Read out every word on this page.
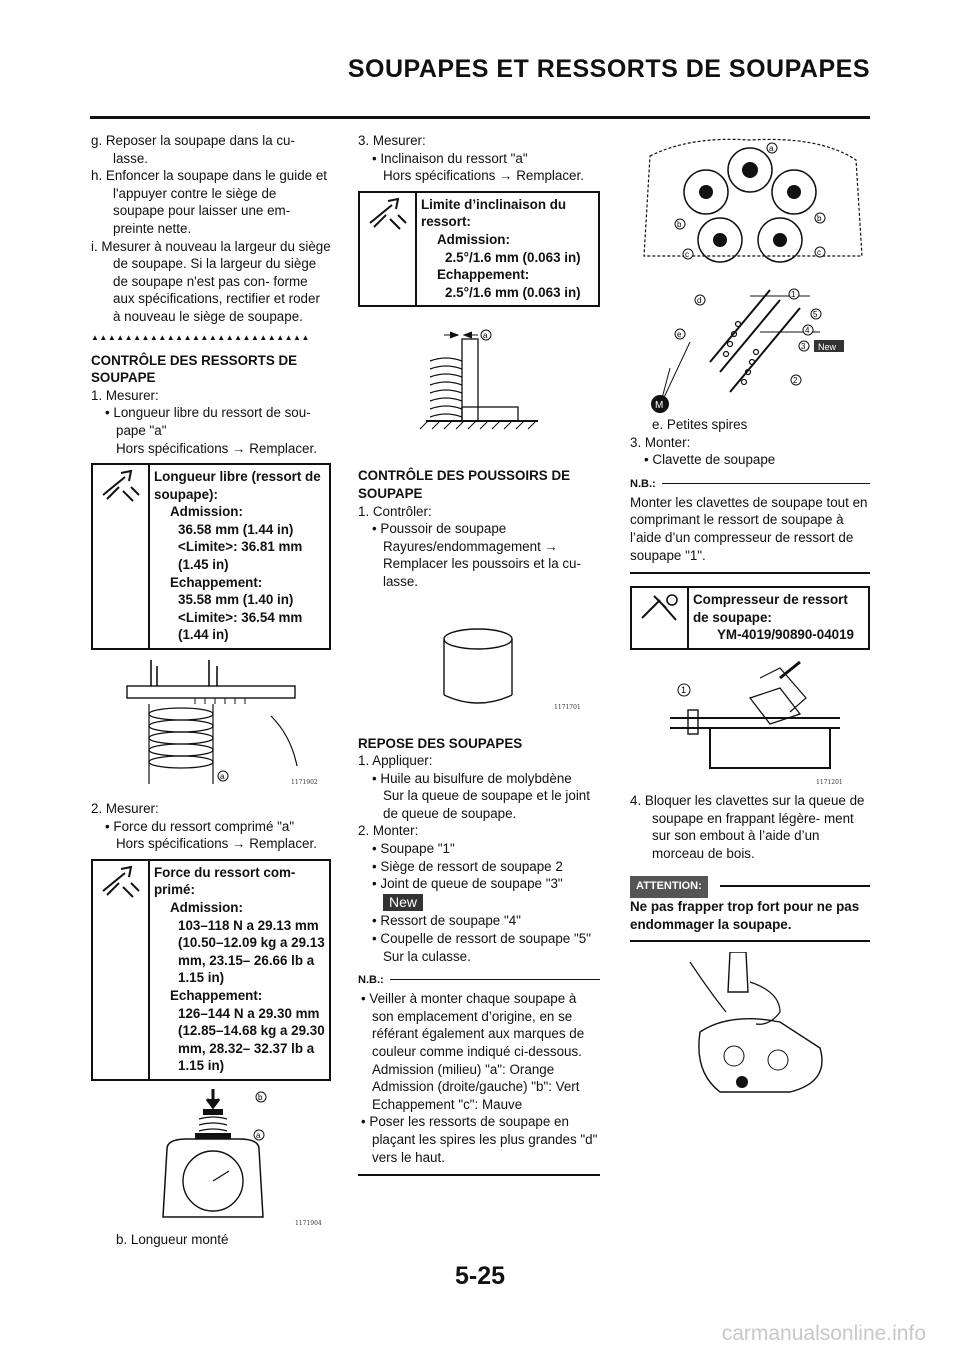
SOUPAPES ET RESSORTS DE SOUPAPES

g. Reposer la soupape dans la cu- lasse.

h. Enfoncer la soupape dans le guide et l'appuyer contre le siège de soupape pour laisser une em- preinte nette.

i. Mesurer à nouveau la largeur du siège de soupape. Si la largeur du siège de soupape n'est pas con- forme aux spécifications, rectifier et roder à nouveau le siège de soupape.

▲▲▲▲▲▲▲▲▲▲▲▲▲▲▲▲▲▲▲▲▲▲▲▲▲▲
CONTRÔLE DES RESSORTS DE SOUPAPE

1. Mesurer:

• Longueur libre du ressort de sou- pape "a"

Hors spécifications → Remplacer.

Longueur libre (ressort de soupape):
Admission:
36.58 mm (1.44 in)
<Limite>: 36.81 mm (1.45 in)
Echappement:
35.58 mm (1.40 in)
<Limite>: 36.54 mm (1.44 in)
a
1171902

2. Mesurer:

• Force du ressort comprimé "a"

Hors spécifications → Remplacer.

Force du ressort com- primé:
Admission:
103–118 N a 29.13 mm (10.50–12.09 kg a 29.13 mm, 23.15– 26.66 lb a 1.15 in)
Echappement:
126–144 N a 29.30 mm (12.85–14.68 kg a 29.30 mm, 28.32– 32.37 lb a 1.15 in)
b
a
1171904

b. Longueur monté

3. Mesurer:

• Inclinaison du ressort "a"

Hors spécifications → Remplacer.

Limite d’inclinaison du ressort:
Admission:
2.5°/1.6 mm (0.063 in)
Echappement:
2.5°/1.6 mm (0.063 in)
a
CONTRÔLE DES POUSSOIRS DE SOUPAPE

1. Contrôler:

• Poussoir de soupape

Rayures/endommagement → Remplacer les poussoirs et la cu- lasse.

1171701
REPOSE DES SOUPAPES

1. Appliquer:

• Huile au bisulfure de molybdène

Sur la queue de soupape et le joint de queue de soupape.

2. Monter:

• Soupape "1"

• Siège de ressort de soupape 2

• Joint de queue de soupape "3"

New

• Ressort de soupape "4"

• Coupelle de ressort de soupape "5"

Sur la culasse.

N.B.:

• Veiller à monter chaque soupape à son emplacement d’origine, en se référant également aux marques de couleur comme indiqué ci-dessous.

Admission (milieu) "a": Orange

Admission (droite/gauche) "b": Vert

Echappement "c": Mauve

• Poser les ressorts de soupape en plaçant les spires les plus grandes "d" vers le haut.

a
b
b
c	c
M
d
e
1
5
4
3 New
2

e. Petites spires

3. Monter:

• Clavette de soupape

N.B.:

Monter les clavettes de soupape tout en comprimant le ressort de soupape à l’aide d’un compresseur de ressort de soupape "1".

Compresseur de ressort de soupape:
YM-4019/90890-04019
1
1171201

4. Bloquer les clavettes sur la queue de soupape en frappant légère- ment sur son embout à l’aide d’un morceau de bois.

ATTENTION:

Ne pas frapper trop fort pour ne pas endommager la soupape.

5-25
carmanualsonline.info
